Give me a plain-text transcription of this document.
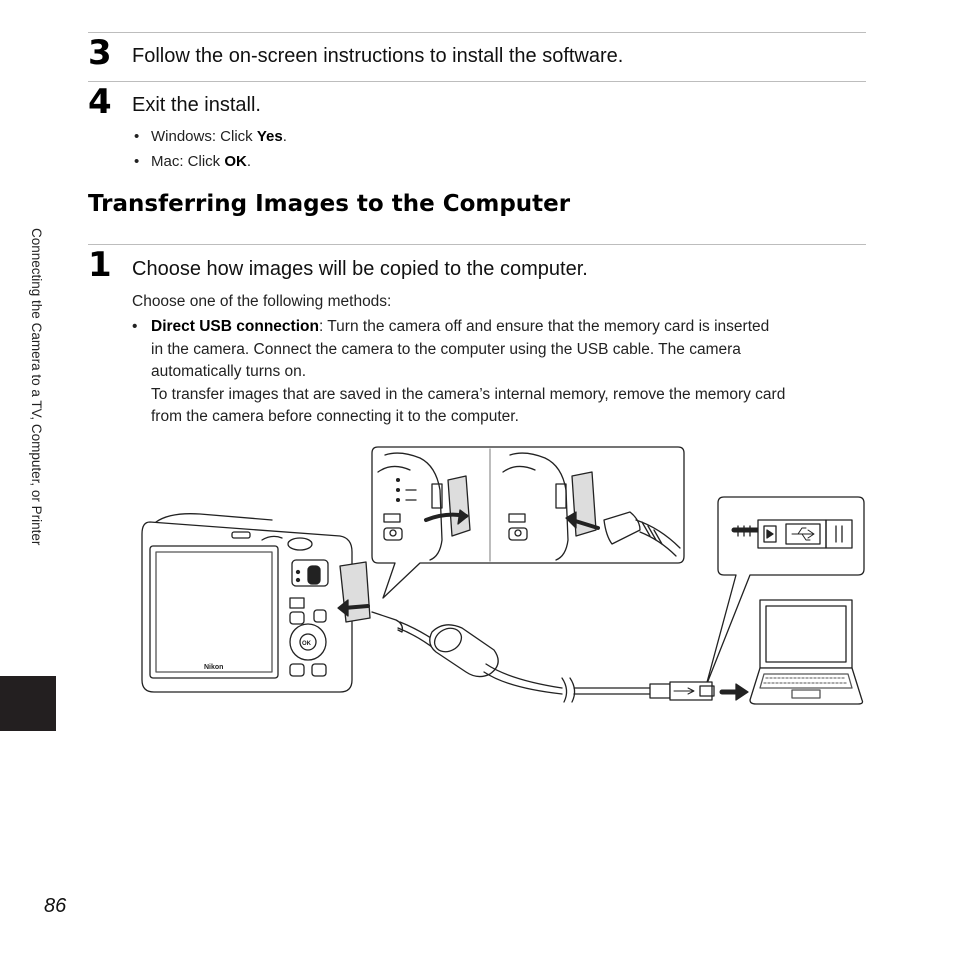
3 Follow the on-screen instructions to install the software.
4 Exit the install.
• Windows: Click Yes.
• Mac: Click OK.
Transferring Images to the Computer
1 Choose how images will be copied to the computer.
Choose one of the following methods:
• Direct USB connection: Turn the camera off and ensure that the memory card is inserted
in the camera. Connect the camera to the computer using the USB cable. The camera
automatically turns on.
To transfer images that are saved in the camera’s internal memory, remove the memory card
from the camera before connecting it to the computer.
Nikon
OK
Connecting the Camera to a TV, Computer, or Printer
86
